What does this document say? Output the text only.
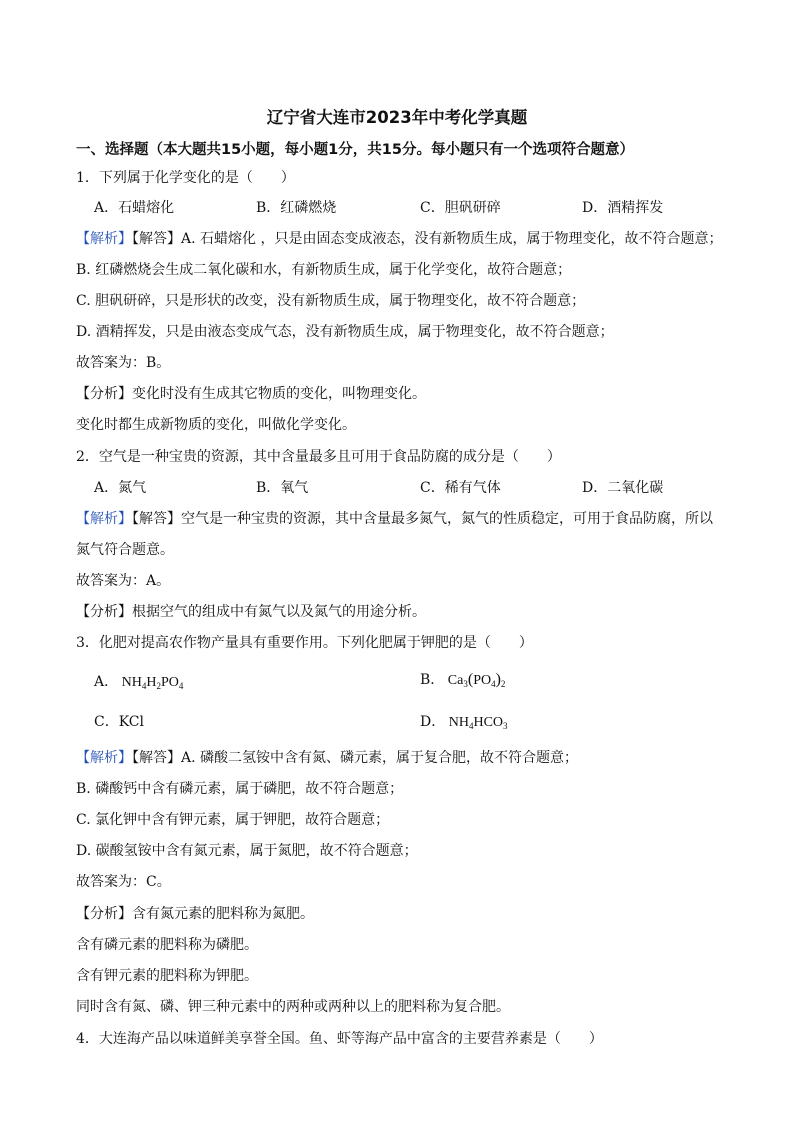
辽宁省大连市2023年中考化学真题
一、选择题（本大题共15小题，每小题1分，共15分。每小题只有一个选项符合题意）
1．下列属于化学变化的是（　　）
A．石蜡熔化	B．红磷燃烧	C．胆矾研碎	D．酒精挥发
【解析】【解答】A. 石蜡熔化 ，只是由固态变成液态，没有新物质生成，属于物理变化，故不符合题意；
B. 红磷燃烧会生成二氧化碳和水，有新物质生成，属于化学变化，故符合题意；
C. 胆矾研碎，只是形状的改变，没有新物质生成，属于物理变化，故不符合题意；
D. 酒精挥发，只是由液态变成气态，没有新物质生成，属于物理变化，故不符合题意；
故答案为：B。
【分析】变化时没有生成其它物质的变化，叫物理变化。
变化时都生成新物质的变化，叫做化学变化。
2．空气是一种宝贵的资源，其中含量最多且可用于食品防腐的成分是（　　）
A．氮气	B．氧气	C．稀有气体	D．二氧化碳
【解析】【解答】空气是一种宝贵的资源，其中含量最多氮气，氮气的性质稳定，可用于食品防腐，所以
氮气符合题意。
故答案为：A。
【分析】根据空气的组成中有氮气以及氮气的用途分析。
3．化肥对提高农作物产量具有重要作用。下列化肥属于钾肥的是（　　）
A． $NH_4H_2PO_4$	B． $Ca_3(PO_4)_2$
C．KCl	D． $NH_4HCO_3$
【解析】【解答】A. 磷酸二氢铵中含有氮、磷元素，属于复合肥，故不符合题意；
B. 磷酸钙中含有磷元素，属于磷肥，故不符合题意；
C. 氯化钾中含有钾元素，属于钾肥，故符合题意；
D. 碳酸氢铵中含有氮元素，属于氮肥，故不符合题意；
故答案为：C。
【分析】含有氮元素的肥料称为氮肥。
含有磷元素的肥料称为磷肥。
含有钾元素的肥料称为钾肥。
同时含有氮、磷、钾三种元素中的两种或两种以上的肥料称为复合肥。
4．大连海产品以味道鲜美享誉全国。鱼、虾等海产品中富含的主要营养素是（　　）
